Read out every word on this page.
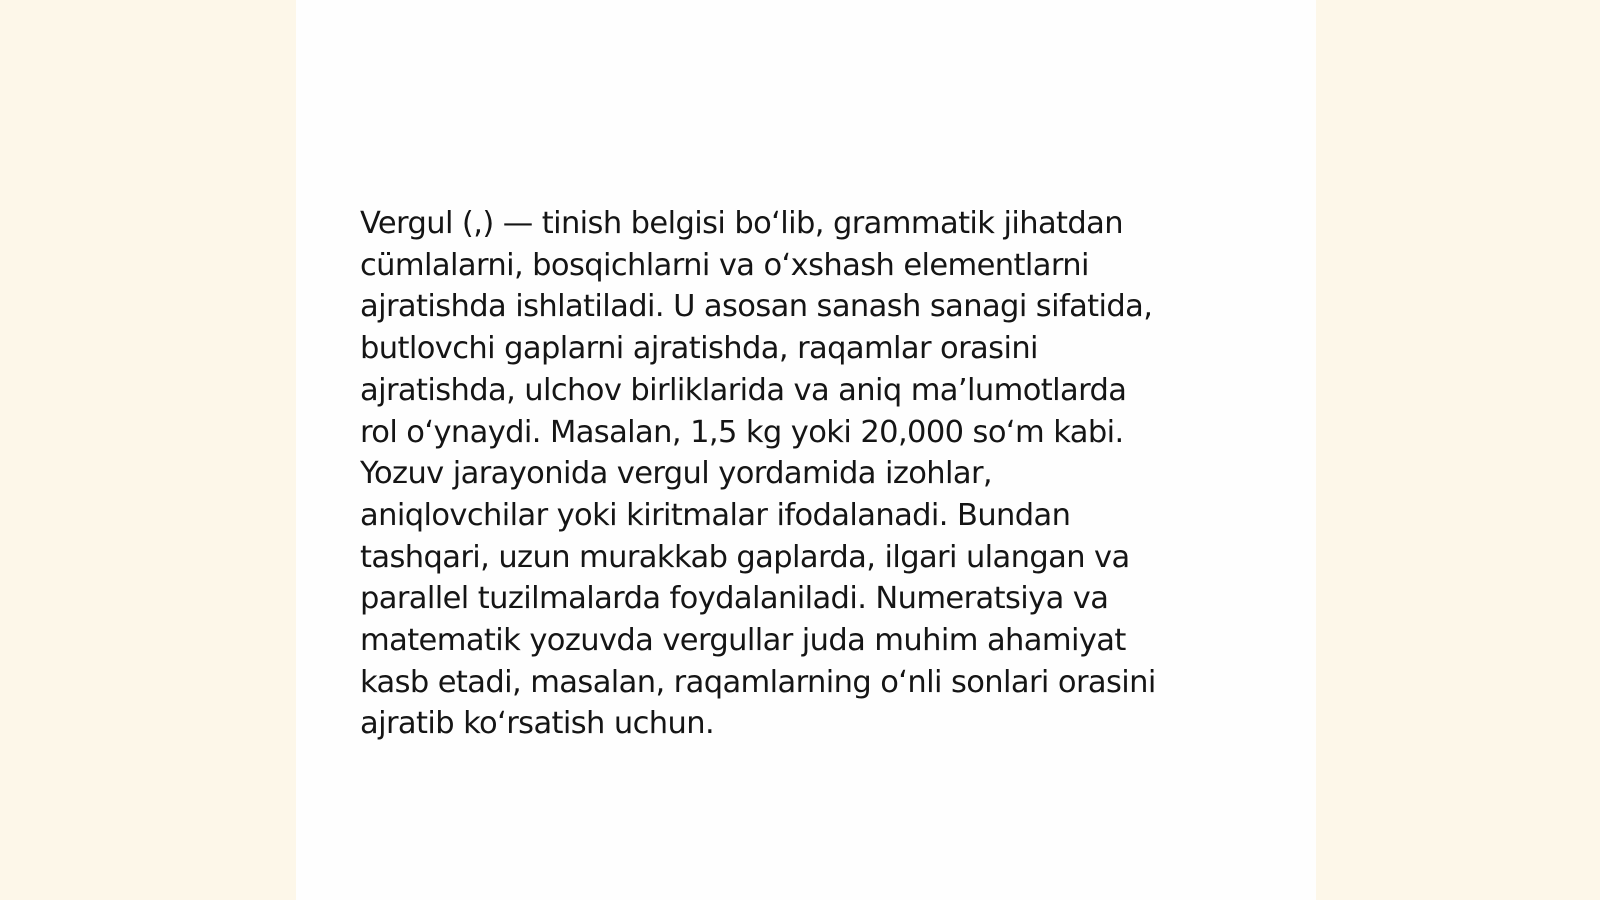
Vergul (,) — tinish belgisi bo‘lib, grammatik jihatdan
cümlalarni, bosqichlarni va o‘xshash elementlarni
ajratishda ishlatiladi. U asosan sanash sanagi sifatida,
butlovchi gaplarni ajratishda, raqamlar orasini
ajratishda, ulchov birliklarida va aniq ma’lumotlarda
rol o‘ynaydi. Masalan, 1,5 kg yoki 20,000 so‘m kabi.
Yozuv jarayonida vergul yordamida izohlar,
aniqlovchilar yoki kiritmalar ifodalanadi. Bundan
tashqari, uzun murakkab gaplarda, ilgari ulangan va
parallel tuzilmalarda foydalaniladi. Numeratsiya va
matematik yozuvda vergullar juda muhim ahamiyat
kasb etadi, masalan, raqamlarning o‘nli sonlari orasini
ajratib ko‘rsatish uchun.
